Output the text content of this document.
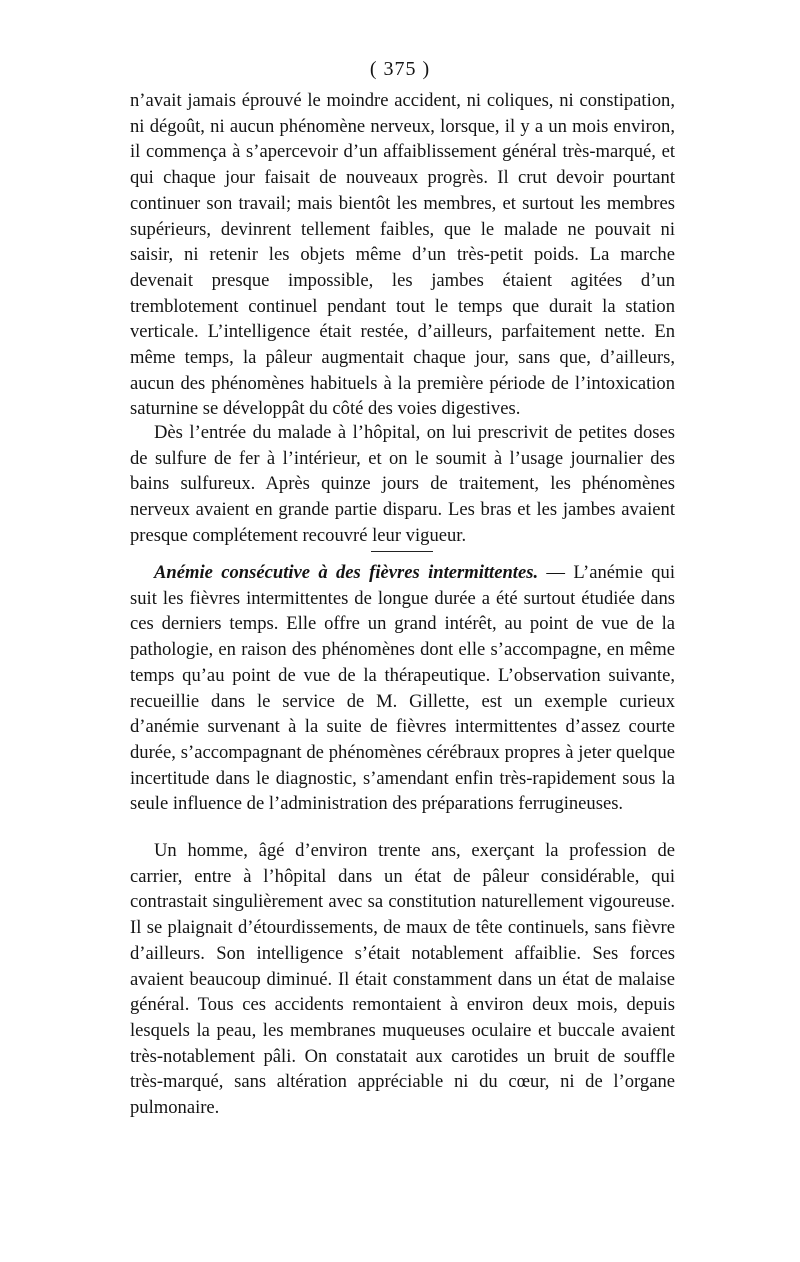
( 375 )

n’avait jamais éprouvé le moindre accident, ni coliques, ni constipation, ni dégoût, ni aucun phénomène nerveux, lorsque, il y a un mois environ, il commença à s’apercevoir d’un affaiblissement général très-marqué, et qui chaque jour faisait de nouveaux progrès. Il crut devoir pourtant continuer son travail; mais bientôt les membres, et surtout les membres supérieurs, devinrent tellement faibles, que le malade ne pouvait ni saisir, ni retenir les objets même d’un très-petit poids. La marche devenait presque impossible, les jambes étaient agitées d’un tremblotement continuel pendant tout le temps que durait la station verticale. L’intelligence était restée, d’ailleurs, parfaitement nette. En même temps, la pâleur augmentait chaque jour, sans que, d’ailleurs, aucun des phénomènes habituels à la première période de l’intoxication saturnine se développât du côté des voies digestives.

Dès l’entrée du malade à l’hôpital, on lui prescrivit de petites doses de sulfure de fer à l’intérieur, et on le soumit à l’usage journalier des bains sulfureux. Après quinze jours de traitement, les phénomènes nerveux avaient en grande partie disparu. Les bras et les jambes avaient presque complétement recouvré leur vigueur.

Anémie consécutive à des fièvres intermittentes. — L’anémie qui suit les fièvres intermittentes de longue durée a été surtout étudiée dans ces derniers temps. Elle offre un grand intérêt, au point de vue de la pathologie, en raison des phénomènes dont elle s’accompagne, en même temps qu’au point de vue de la thérapeutique. L’observation suivante, recueillie dans le service de M. Gillette, est un exemple curieux d’anémie survenant à la suite de fièvres intermittentes d’assez courte durée, s’accompagnant de phénomènes cérébraux propres à jeter quelque incertitude dans le diagnostic, s’amendant enfin très-rapidement sous la seule influence de l’administration des préparations ferrugineuses.

Un homme, âgé d’environ trente ans, exerçant la profession de carrier, entre à l’hôpital dans un état de pâleur considérable, qui contrastait singulièrement avec sa constitution naturellement vigoureuse. Il se plaignait d’étourdissements, de maux de tête continuels, sans fièvre d’ailleurs. Son intelligence s’était notablement affaiblie. Ses forces avaient beaucoup diminué. Il était constamment dans un état de malaise général. Tous ces accidents remontaient à environ deux mois, depuis lesquels la peau, les membranes muqueuses oculaire et buccale avaient très-notablement pâli. On constatait aux carotides un bruit de souffle très-marqué, sans altération appréciable ni du cœur, ni de l’organe pulmonaire.
